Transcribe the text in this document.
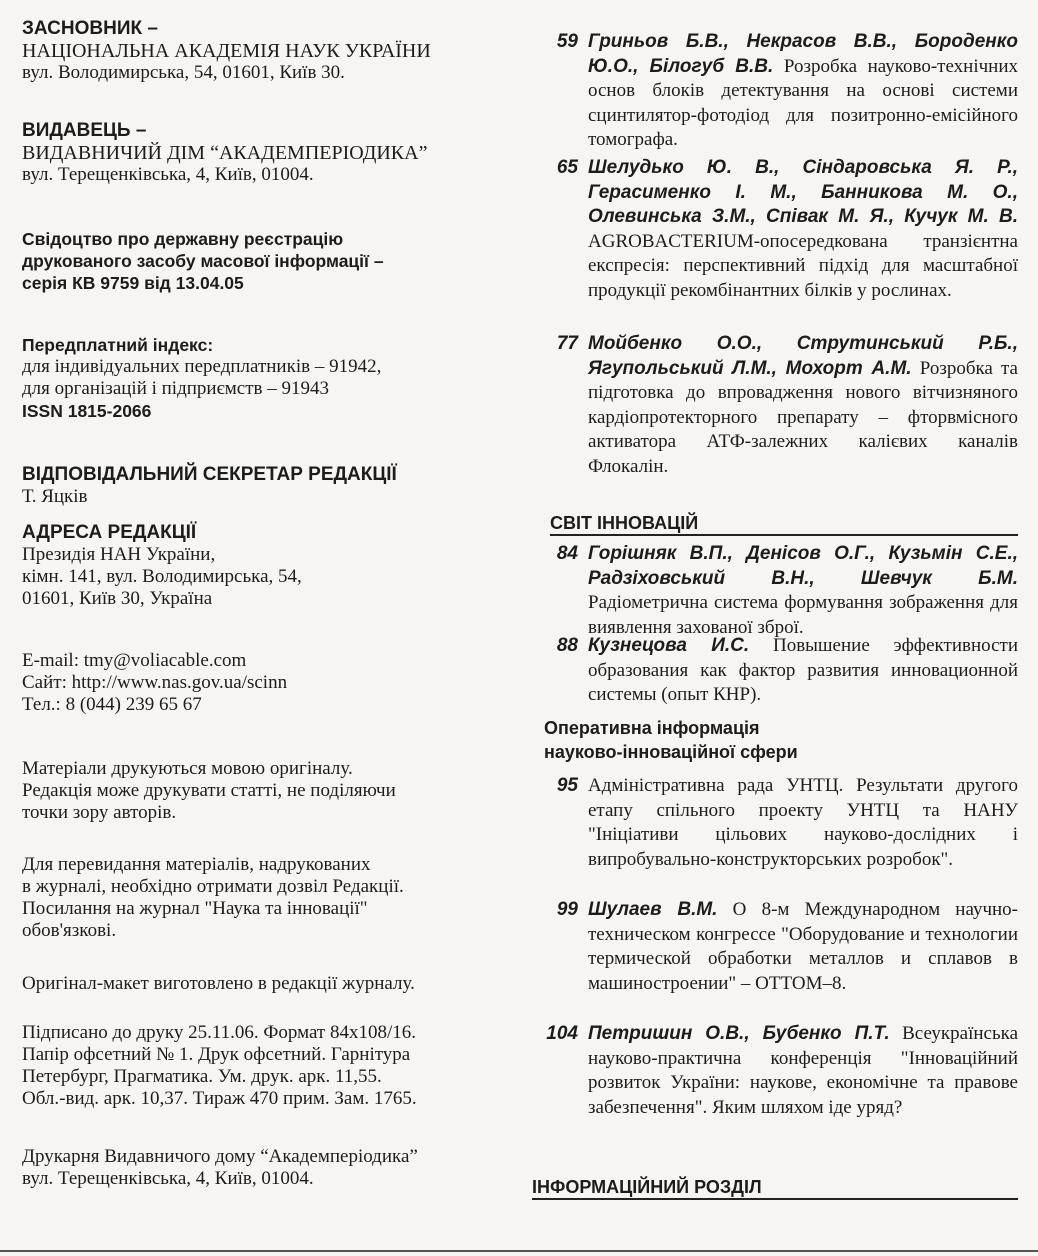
ЗАСНОВНИК –
НАЦІОНАЛЬНА АКАДЕМІЯ НАУК УКРАЇНИ
вул. Володимирська, 54, 01601, Київ 30.
ВИДАВЕЦЬ –
ВИДАВНИЧИЙ ДІМ “АКАДЕМПЕРІОДИКА”
вул. Терещенківська, 4, Київ, 01004.
Свідоцтво про державну реєстрацію
друкованого засобу масової інформації –
серія КВ 9759 від 13.04.05
Передплатний індекс:
для індивідуальних передплатників – 91942,
для організацій і підприємств – 91943
ISSN 1815-2066
ВІДПОВІДАЛЬНИЙ СЕКРЕТАР РЕДАКЦІЇ
Т. Яцків
АДРЕСА РЕДАКЦІЇ
Президія НАН України,
кімн. 141, вул. Володимирська, 54,
01601, Київ 30, Україна
E-mail: tmy@voliacable.com
Сайт: http://www.nas.gov.ua/scinn
Тел.: 8 (044) 239 65 67
Матеріали друкуються мовою оригіналу.
Редакція може друкувати статті, не поділяючи
точки зору авторів.
Для перевидання матеріалів, надрукованих
в журналі, необхідно отримати дозвіл Редакції.
Посилання на журнал "Наука та інновації"
обов'язкові.
Оригінал-макет виготовлено в редакції журналу.
Підписано до друку 25.11.06. Формат 84x108/16.
Папір офсетний № 1. Друк офсетний. Гарнітура
Петербург, Прагматика. Ум. друк. арк. 11,55.
Обл.-вид. арк. 10,37. Тираж 470 прим. Зам. 1765.
Друкарня Видавничого дому “Академперіодика”
вул. Терещенківська, 4, Київ, 01004.
59 Гриньов Б.В., Некрасов В.В., Бороденко Ю.О., Білогуб В.В. Розробка науково-технічних основ блоків детектування на основі системи сцинтилятор-фотодіод для позитронно-емісійного томографа.
65 Шелудько Ю. В., Сіндаровська Я. Р., Герасименко І. М., Банникова М. О., Олевинська З.М., Співак М. Я., Кучук М. В. AGROBACTERIUM-опосередкована транзієнтна експресія: перспективний підхід для масштабної продукції рекомбінантних білків у рослинах.
77 Мойбенко О.О., Струтинський Р.Б., Ягупольський Л.М., Мохорт А.М. Розробка та підготовка до впровадження нового вітчизняного кардіопротекторного препарату – фторвмісного активатора АТФ-залежних калієвих каналів Флокалін.
СВІТ ІННОВАЦІЙ
84 Горішняк В.П., Денісов О.Г., Кузьмін С.Е., Радзіховський В.Н., Шевчук Б.М. Радіометрична система формування зображення для виявлення захованої зброї.
88 Кузнецова И.С. Повышение эффективности образования как фактор развития инновационной системы (опыт КНР).
Оперативна інформація
науково-інноваційної сфери
95 Адміністративна рада УНТЦ. Результати другого етапу спільного проекту УНТЦ та НАНУ "Ініціативи цільових науково-дослідних і випробувально-конструкторських розробок".
99 Шулаев В.М. О 8-м Международном научно-техническом конгрессе "Оборудование и технологии термической обработки металлов и сплавов в машиностроении" – ОТТОМ–8.
104 Петришин О.В., Бубенко П.Т. Всеукраїнська науково-практична конференція "Інноваційний розвиток України: наукове, економічне та правове забезпечення". Яким шляхом іде уряд?
ІНФОРМАЦІЙНИЙ РОЗДІЛ
